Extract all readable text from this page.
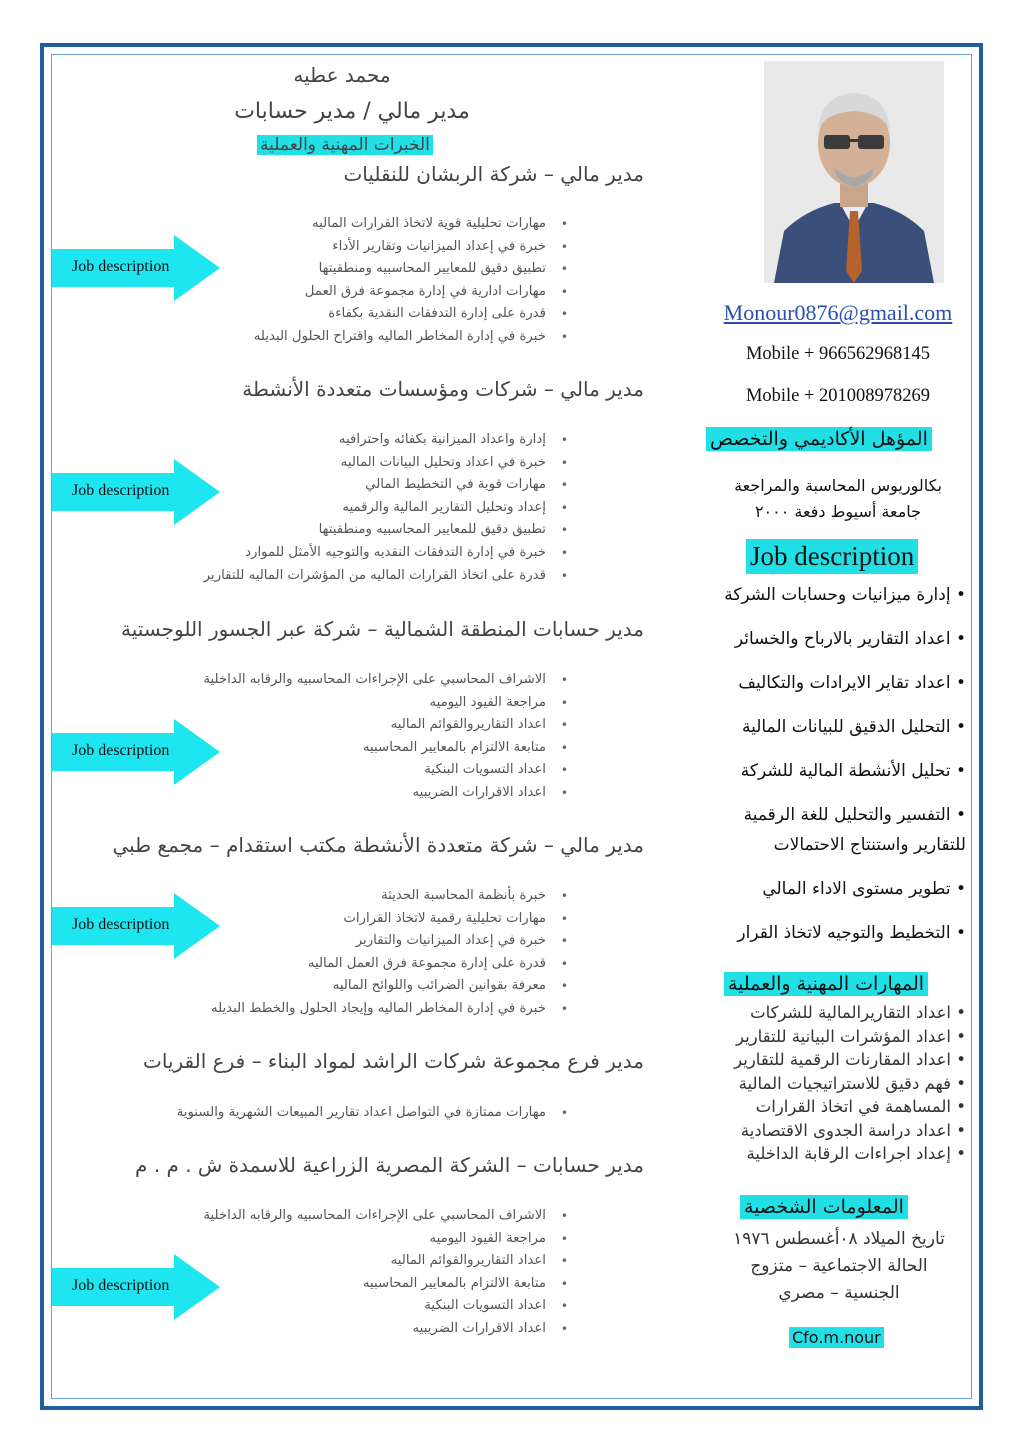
محمد عطيه
مدير مالي / مدير حسابات
الخبرات المهنية والعملية
مدير مالي – شركة الربشان للنقليات
• مهارات تحليلية قوية لاتخاذ القرارات الماليه
• خبرة في إعداد الميزانيات وتقارير الأداء
• تطبيق دقيق للمعايير المحاسبيه ومنطقيتها
• مهارات ادارية في إدارة مجموعة فرق العمل
• قدرة على إدارة التدفقات النقدية بكفاءة
• خبرة في إدارة المخاطر الماليه واقتراح الحلول البديله
مدير مالي – شركات ومؤسسات متعددة الأنشطة
• إدارة واعداد الميزانية بكفائه واحترافيه
• خبرة في اعداد وتحليل البيانات الماليه
• مهارات قوية في التخطيط المالي
• إعداد وتحليل التقارير المالية والرقميه
• تطبيق دقيق للمعايير المحاسبيه ومنطقيتها
• خبرة في إدارة التدفقات النقديه والتوجيه الأمثل للموارد
• قدرة على اتخاذ القرارات الماليه من المؤشرات الماليه للتقارير
مدير حسابات المنطقة الشمالية – شركة عبر الجسور اللوجستية
• الاشراف المحاسبي على الإجراءات المحاسبيه والرقابه الداخلية
• مراجعة القيود اليوميه
• اعداد التقاريروالقوائم الماليه
• متابعة الالتزام بالمعايير المحاسبيه
• اعداد التسويات البنكية
• اعداد الاقرارات الضريبيه
مدير مالي – شركة متعددة الأنشطة مكتب استقدام – مجمع طبي
• خبرة بأنظمة المحاسبة الحديثة
• مهارات تحليلية رقمية لاتخاذ القرارات
• خبرة في إعداد الميزانيات والتقارير
• قدرة على إدارة مجموعة فرق العمل الماليه
• معرفة بقوانين الضرائب واللوائح الماليه
• خبرة في إدارة المخاطر الماليه وإيجاد الحلول والخطط البديله
مدير فرع مجموعة شركات الراشد لمواد البناء – فرع القريات
• مهارات ممتازة في التواصل اعداد تقارير المبيعات الشهرية والسنوية
مدير حسابات – الشركة المصرية الزراعية للاسمدة ش . م . م
• الاشراف المحاسبي على الإجراءات المحاسبيه والرقابه الداخلية
• مراجعة القيود اليوميه
• اعداد التقاريروالقوائم الماليه
• متابعة الالتزام بالمعايير المحاسبيه
• اعداد التسويات البنكية
• اعداد الاقرارات الضريبيه
Job description
Job description
Job description
Job description
Job description
Monour0876@gmail.com
Mobile + 966562968145
Mobile + 201008978269
المؤهل الأكاديمي والتخصص
بكالوريوس المحاسبة والمراجعة
جامعة أسيوط دفعة ٢٠٠٠
Job description
• إدارة ميزانيات وحسابات الشركة
• اعداد التقارير بالارباح والخسائر
• اعداد تقاير الايرادات والتكاليف
• التحليل الدقيق للبيانات المالية
• تحليل الأنشطة المالية للشركة
• التفسير والتحليل للغة الرقمية
للتقارير واستنتاج الاحتمالات
• تطوير مستوى الاداء المالي
• التخطيط والتوجيه لاتخاذ القرار
المهارات المهنية والعملية
• اعداد التقاريرالمالية للشركات
• اعداد المؤشرات البيانية للتقارير
• اعداد المقارنات الرقمية للتقارير
• فهم دقيق للاستراتيجيات المالية
• المساهمة في اتخاذ القرارات
• اعداد دراسة الجدوى الاقتصادية
• إعداد اجراءات الرقابة الداخلية
المعلومات الشخصية
تاريخ الميلاد ٠٨أغسطس ١٩٧٦
الحالة الاجتماعية – متزوج
الجنسية – مصري
Cfo.m.nour
